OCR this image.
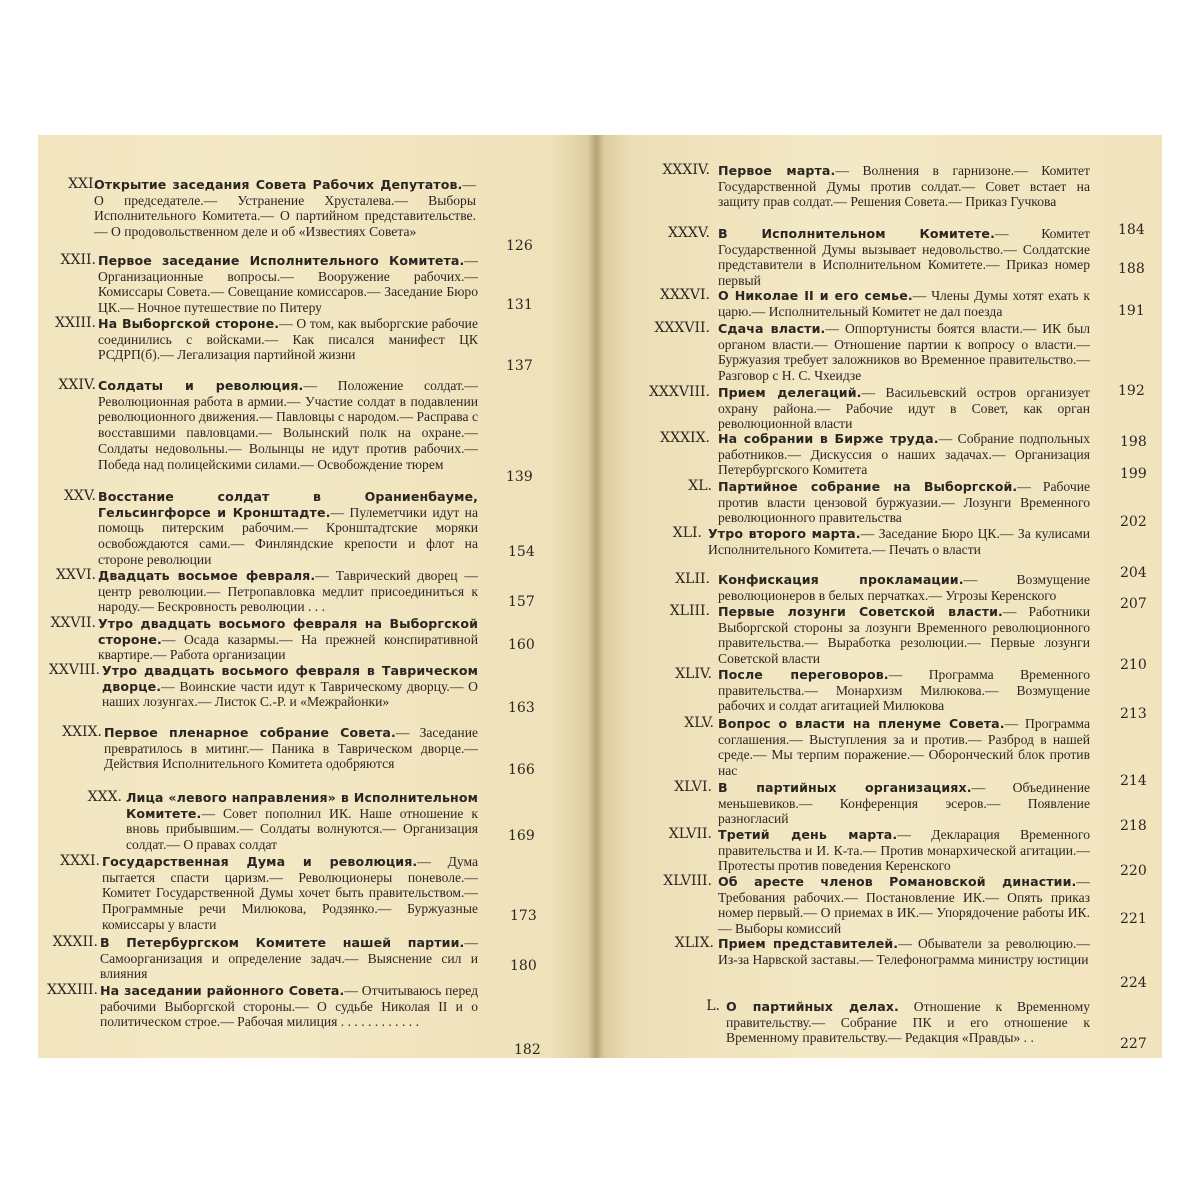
XXI.
Открытие заседания Совета Рабочих Депутатов.— О председателе.— Устранение Хрусталева.— Выборы Исполнительного Комитета.— О партийном представительстве.— О продовольственном деле и об «Известиях Совета»
126
XXII. Первое заседание Исполнительного Комитета.— Организационные вопросы.— Вооружение рабочих.— Комиссары Совета.— Совещание комиссаров.— Заседание Бюро ЦК.— Ночное путешествие по Питеру	131
XXIII. На Выборгской стороне.— О том, как выборгские рабочие соединились с войсками.— Как писался манифест ЦК РСДРП(б).— Легализация партийной жизни
137
XXIV. Солдаты и революция.— Положение солдат.— Революционная работа в армии.— Участие солдат в подавлении революционного движения.— Павловцы с народом.— Расправа с восставшими павловцами.— Волынский полк на охране.— Солдаты недовольны.— Волынцы не идут против рабочих.— Победа над полицейскими силами.— Освобождение тюрем
139
XXV. Восстание солдат в Ораниенбауме, Гельсингфорсе и Кронштадте.— Пулеметчики идут на помощь питерским рабочим.— Кронштадтские моряки освобождаются сами.— Финляндские крепости и флот на стороне революции	154
XXVI. Двадцать восьмое февраля.— Таврический дворец — центр революции.— Петропавловка медлит присоединиться к народу.— Бескровность революции . . .	157
XXVII. Утро двадцать восьмого февраля на Выборгской стороне.— Осада казармы.— На прежней конспиративной квартире.— Работа организации
160
XXVIII. Утро двадцать восьмого февраля в Таврическом дворце.— Воинские части идут к Таврическому дворцу.— О наших лозунгах.— Листок С.-Р. и «Межрайонки»	163
XXIX. Первое пленарное собрание Совета.— Заседание превратилось в митинг.— Паника в Таврическом дворце.— Действия Исполнительного Комитета одобряются	166
XXX. Лица «левого направления» в Исполнительном Комитете.— Совет пополнил ИК. Наше отношение к вновь прибывшим.— Солдаты волнуются.— Организация солдат.— О правах солдат
169
XXXI. Государственная Дума и революция.— Дума пытается спасти царизм.— Революционеры поневоле.— Комитет Государственной Думы хочет быть правительством.— Программные речи Милюкова, Родзянко.— Буржуазные комиссары у власти
173
XXXII. В Петербургском Комитете нашей партии.— Самоорганизация и определение задач.— Выяснение сил и влияния	180
XXXIII. На заседании районного Совета.— Отчитываюсь перед рабочими Выборгской стороны.— О судьбе Николая II и о политическом строе.— Рабочая милиция . . . . . . . . . . . .
182
XXXIV. Первое марта.— Волнения в гарнизоне.— Комитет Государственной Думы против солдат.— Совет встает на защиту прав солдат.— Решения Совета.— Приказ Гучкова
184
XXXV. В Исполнительном Комитете.— Комитет Государственной Думы вызывает недовольство.— Солдатские представители в Исполнительном Комитете.— Приказ номер первый
188
XXXVI. О Николае II и его семье.— Члены Думы хотят ехать к царю.— Исполнительный Комитет не дал поезда	191
XXXVII. Сдача власти.— Оппортунисты боятся власти.— ИК был органом власти.— Отношение партии к вопросу о власти.— Буржуазия требует заложников во Временное правительство.— Разговор с Н. С. Чхеидзе
192
XXXVIII. Прием делегаций.— Васильевский остров организует охрану района.— Рабочие идут в Совет, как орган революционной власти
198
XXXIX. На собрании в Бирже труда.— Собрание подпольных работников.— Дискуссия о наших задачах.— Организация Петербургского Комитета	199
XL. Партийное собрание на Выборгской.— Рабочие против власти цензовой буржуазии.— Лозунги Временного революционного правительства	202
XLI. Утро второго марта.— Заседание Бюро ЦК.— За кулисами Исполнительного Комитета.— Печать о власти
204
XLII. Конфискация прокламации.— Возмущение революционеров в белых перчатках.— Угрозы Керенского
207
XLIII. Первые лозунги Советской власти.— Работники Выборгской стороны за лозунги Временного революционного правительства.— Выработка резолюции.— Первые лозунги Советской власти	210
XLIV. После переговоров.— Программа Временного правительства.— Монархизм Милюкова.— Возмущение рабочих и солдат агитацией Милюкова
213
XLV. Вопрос о власти на пленуме Совета.— Программа соглашения.— Выступления за и против.— Разброд в нашей среде.— Мы терпим поражение.— Оборонческий блок против нас
214
XLVI. В партийных организациях.— Объединение меньшевиков.— Конференция эсеров.— Появление разногласий	218
XLVII. Третий день марта.— Декларация Временного правительства и И. К-та.— Против монархической агитации.— Протесты против поведения Керенского	220
XLVIII. Об аресте членов Романовской династии.— Требования рабочих.— Постановление ИК.— Опять приказ номер первый.— О приемах в ИК.— Упорядочение работы ИК.— Выборы комиссий
221
XLIX. Прием представителей.— Обыватели за революцию.— Из-за Нарвской заставы.— Телефонограмма министру юстиции
224
L. О партийных делах. Отношение к Временному правительству.— Собрание ПК и его отношение к Временному правительству.— Редакция «Правды» . .	227
